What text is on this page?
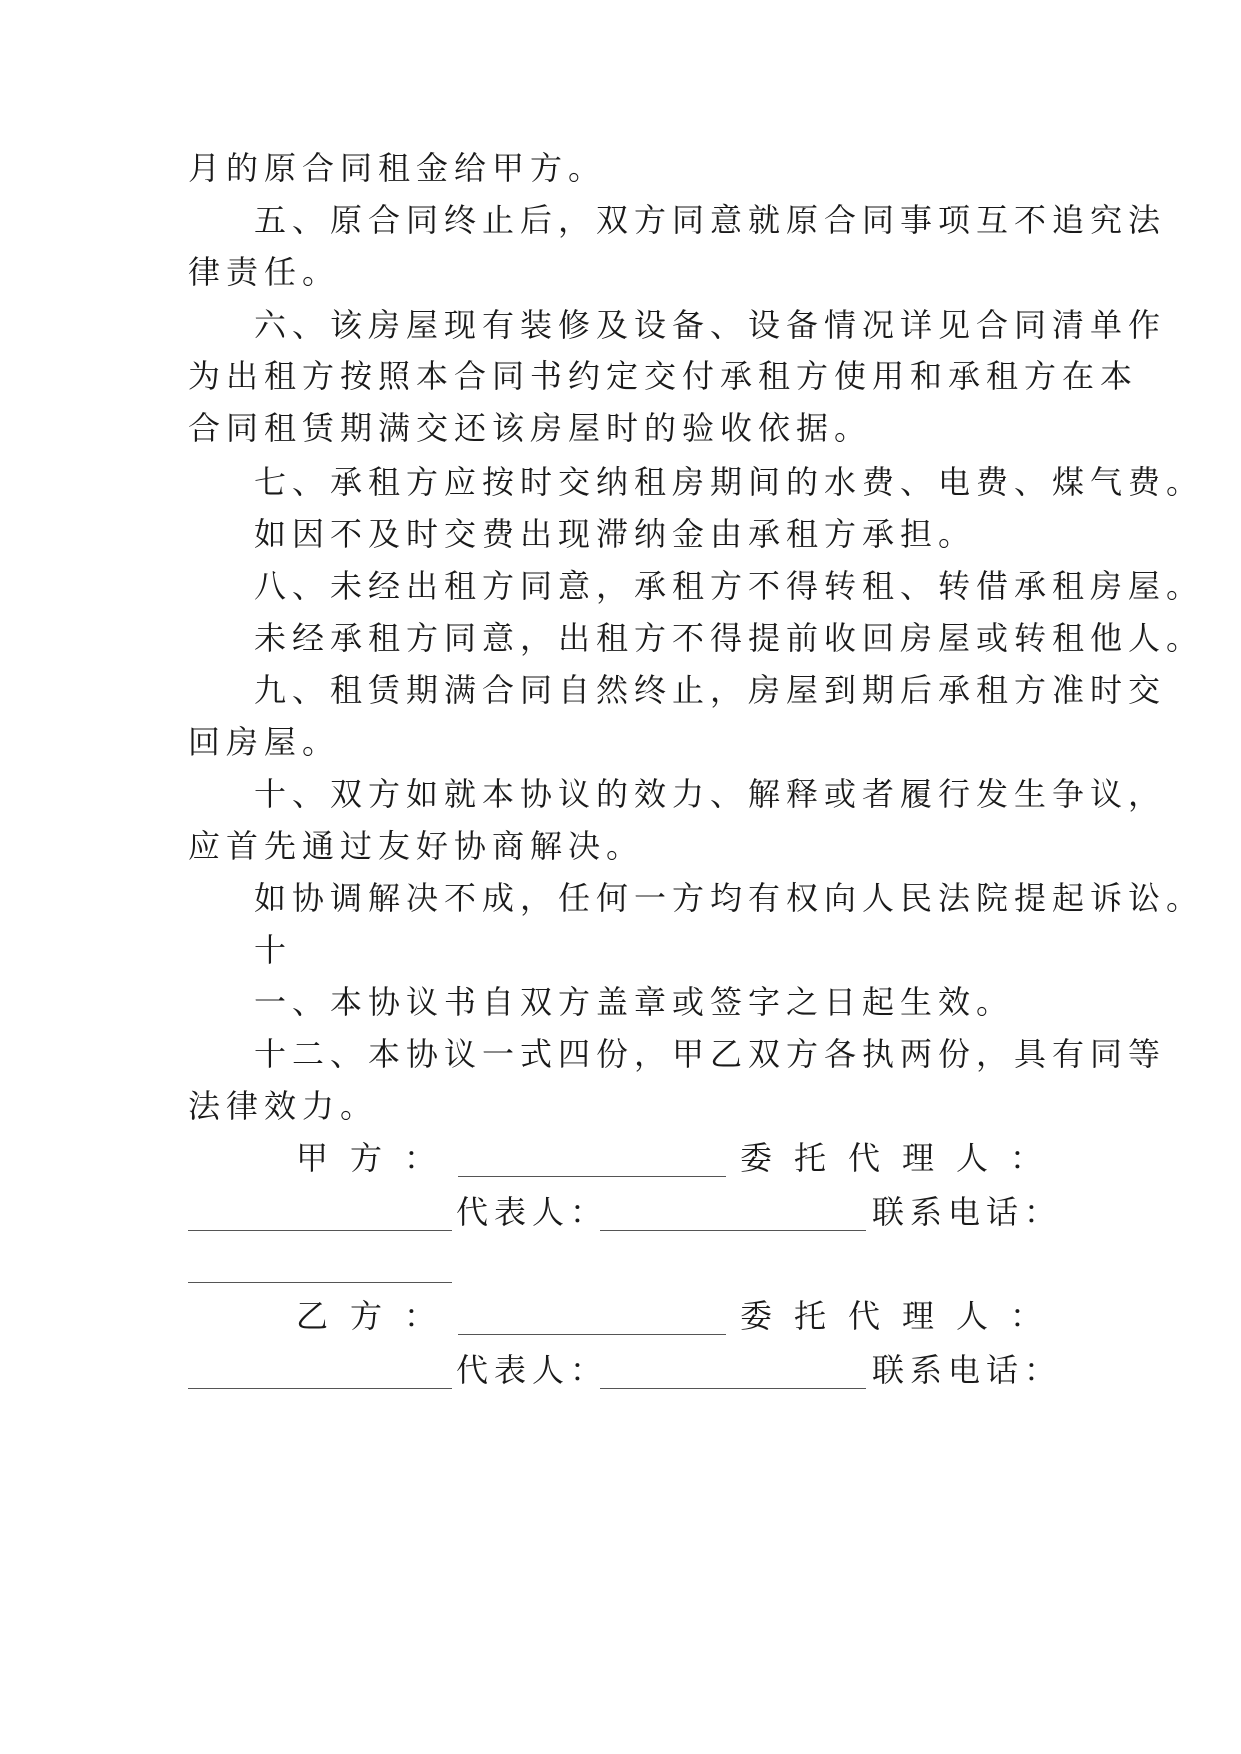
月的原合同租金给甲方。
五、原合同终止后，双方同意就原合同事项互不追究法
律责任。
六、该房屋现有装修及设备、设备情况详见合同清单作
为出租方按照本合同书约定交付承租方使用和承租方在本
合同租赁期满交还该房屋时的验收依据。
七、承租方应按时交纳租房期间的水费、电费、煤气费。
如因不及时交费出现滞纳金由承租方承担。
八、未经出租方同意，承租方不得转租、转借承租房屋。
未经承租方同意，出租方不得提前收回房屋或转租他人。
九、租赁期满合同自然终止，房屋到期后承租方准时交
回房屋。
十、双方如就本协议的效力、解释或者履行发生争议，
应首先通过友好协商解决。
如协调解决不成，任何一方均有权向人民法院提起诉讼。
十
一、本协议书自双方盖章或签字之日起生效。
十二、本协议一式四份，甲乙双方各执两份，具有同等
法律效力。
甲方：	委托代理人：
代表人：	联系电话：
乙方：	委托代理人：
代表人：	联系电话：
